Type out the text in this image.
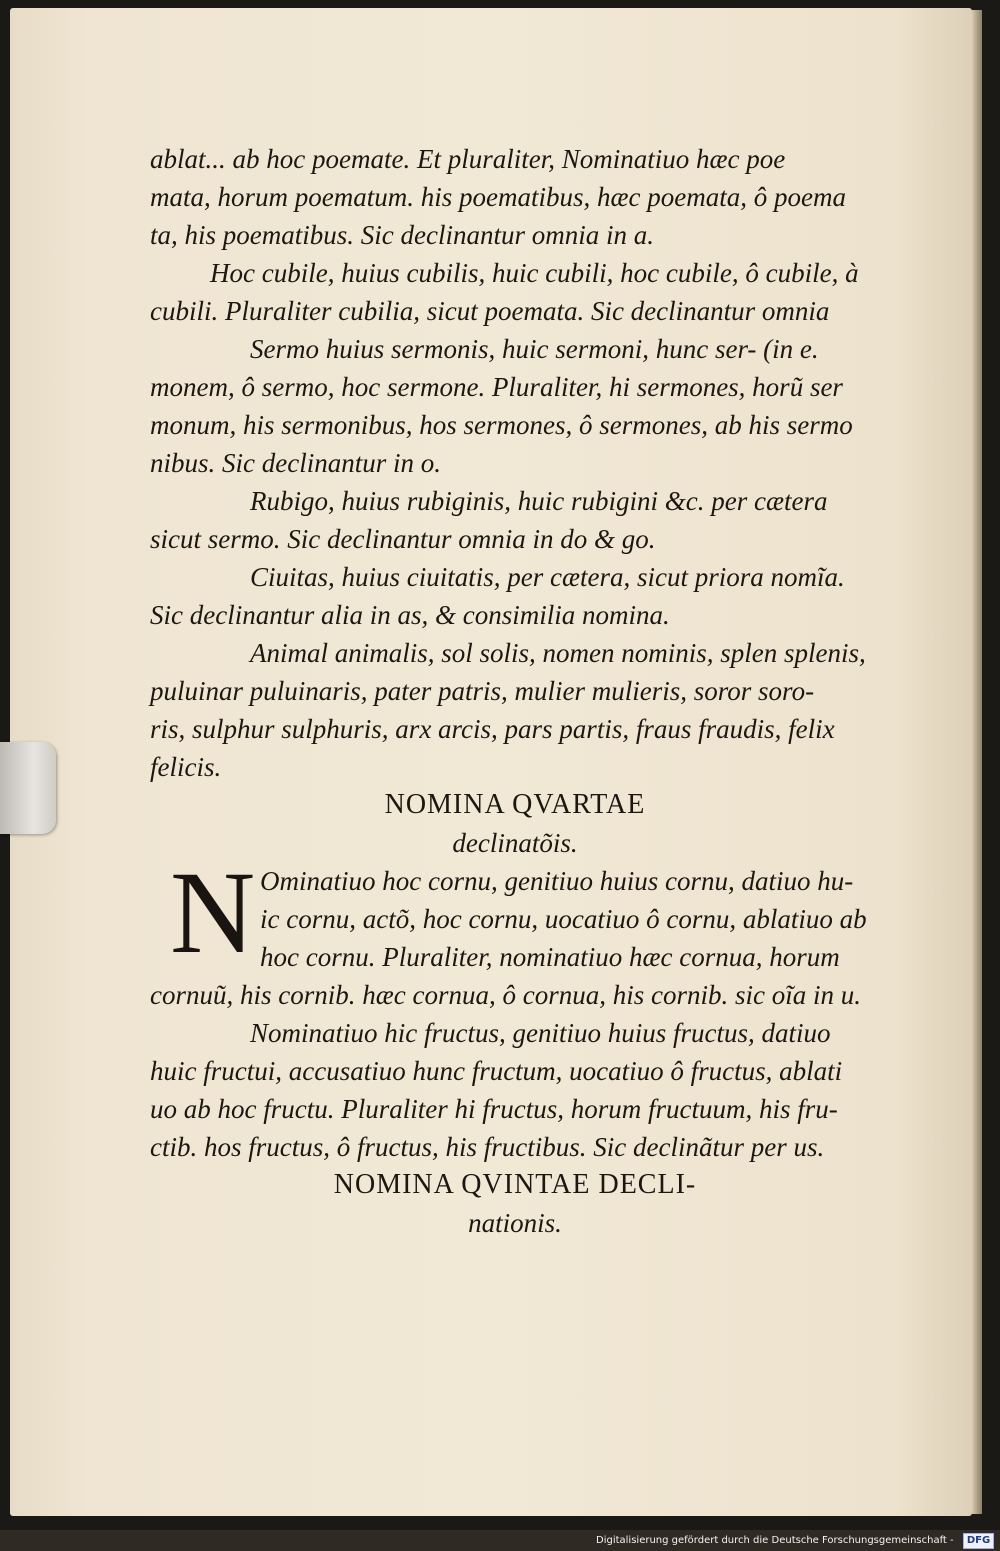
ablat... ab hoc poemate. Et pluraliter, Nominatiuo hæc poe
mata, horum poematum. his poematibus, hæc poemata, ô poema
ta, his poematibus. Sic declinantur omnia in a.
Hoc cubile, huius cubilis, huic cubili, hoc cubile, ô cubile, à
cubili. Pluraliter cubilia, sicut poemata. Sic declinantur omnia
Sermo huius sermonis, huic sermoni, hunc ser- (in e.
monem, ô sermo, hoc sermone. Pluraliter, hi sermones, horũ ser
monum, his sermonibus, hos sermones, ô sermones, ab his sermo
nibus. Sic declinantur in o.
Rubigo, huius rubiginis, huic rubigini &c. per cætera
sicut sermo. Sic declinantur omnia in do & go.
Ciuitas, huius ciuitatis, per cætera, sicut priora nomĩa.
Sic declinantur alia in as, & consimilia nomina.
Animal animalis, sol solis, nomen nominis, splen splenis,
puluinar puluinaris, pater patris, mulier mulieris, soror soro-
ris, sulphur sulphuris, arx arcis, pars partis, fraus fraudis, felix
felicis.
NOMINA QVARTAE
declinatõis.
N Ominatiuo hoc cornu, genitiuo huius cornu, datiuo hu-
ic cornu, actõ, hoc cornu, uocatiuo ô cornu, ablatiuo ab
hoc cornu. Pluraliter, nominatiuo hæc cornua, horum
cornuũ, his cornib. hæc cornua, ô cornua, his cornib. sic oĩa in u.
Nominatiuo hic fructus, genitiuo huius fructus, datiuo
huic fructui, accusatiuo hunc fructum, uocatiuo ô fructus, ablati
uo ab hoc fructu. Pluraliter hi fructus, horum fructuum, his fru-
ctib. hos fructus, ô fructus, his fructibus. Sic declinãtur per us.
NOMINA QVINTAE DECLI-
nationis.
Digitalisierung gefördert durch die Deutsche Forschungsgemeinschaft - DFG
